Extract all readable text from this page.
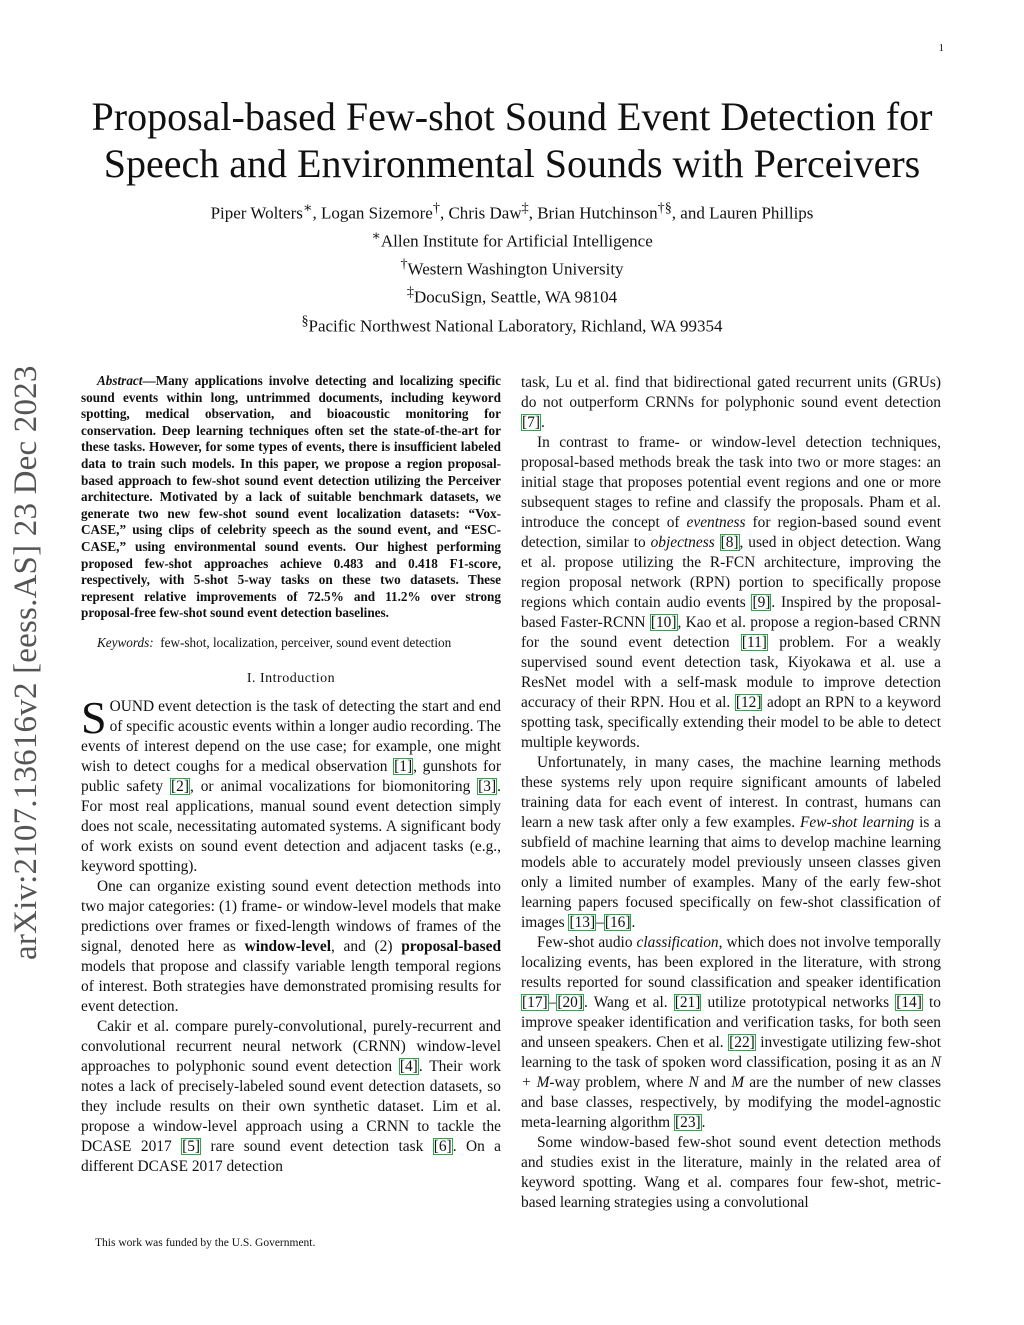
1
arXiv:2107.13616v2 [eess.AS] 23 Dec 2023
Proposal-based Few-shot Sound Event Detection for
Speech and Environmental Sounds with Perceivers
Piper Wolters∗, Logan Sizemore†, Chris Daw‡, Brian Hutchinson†§, and Lauren Phillips
∗Allen Institute for Artificial Intelligence
†Western Washington University
‡DocuSign, Seattle, WA 98104
§Pacific Northwest National Laboratory, Richland, WA 99354

Abstract—Many applications involve detecting and localizing specific sound events within long, untrimmed documents, including keyword spotting, medical observation, and bioacoustic monitoring for conservation. Deep learning techniques often set the state-of-the-art for these tasks. However, for some types of events, there is insufficient labeled data to train such models. In this paper, we propose a region proposal-based approach to few-shot sound event detection utilizing the Perceiver architecture. Motivated by a lack of suitable benchmark datasets, we generate two new few-shot sound event localization datasets: “Vox-CASE,” using clips of celebrity speech as the sound event, and “ESC-CASE,” using environmental sound events. Our highest performing proposed few-shot approaches achieve 0.483 and 0.418 F1-score, respectively, with 5-shot 5-way tasks on these two datasets. These represent relative improvements of 72.5% and 11.2% over strong proposal-free few-shot sound event detection baselines.

Keywords: few-shot, localization, perceiver, sound event detection
I. Introduction

SOUND event detection is the task of detecting the start and end of specific acoustic events within a longer audio recording. The events of interest depend on the use case; for example, one might wish to detect coughs for a medical observation [1], gunshots for public safety [2], or animal vocalizations for biomonitoring [3]. For most real applications, manual sound event detection simply does not scale, necessitating automated systems. A significant body of work exists on sound event detection and adjacent tasks (e.g., keyword spotting).

One can organize existing sound event detection methods into two major categories: (1) frame- or window-level models that make predictions over frames or fixed-length windows of frames of the signal, denoted here as window-level, and (2) proposal-based models that propose and classify variable length temporal regions of interest. Both strategies have demonstrated promising results for event detection.

Cakir et al. compare purely-convolutional, purely-recurrent and convolutional recurrent neural network (CRNN) window-level approaches to polyphonic sound event detection [4]. Their work notes a lack of precisely-labeled sound event detection datasets, so they include results on their own synthetic dataset. Lim et al. propose a window-level approach using a CRNN to tackle the DCASE 2017 [5] rare sound event detection task [6]. On a different DCASE 2017 detection

This work was funded by the U.S. Government.

task, Lu et al. find that bidirectional gated recurrent units (GRUs) do not outperform CRNNs for polyphonic sound event detection [7].

In contrast to frame- or window-level detection techniques, proposal-based methods break the task into two or more stages: an initial stage that proposes potential event regions and one or more subsequent stages to refine and classify the proposals. Pham et al. introduce the concept of eventness for region-based sound event detection, similar to objectness [8], used in object detection. Wang et al. propose utilizing the R-FCN architecture, improving the region proposal network (RPN) portion to specifically propose regions which contain audio events [9]. Inspired by the proposal-based Faster-RCNN [10], Kao et al. propose a region-based CRNN for the sound event detection [11] problem. For a weakly supervised sound event detection task, Kiyokawa et al. use a ResNet model with a self-mask module to improve detection accuracy of their RPN. Hou et al. [12] adopt an RPN to a keyword spotting task, specifically extending their model to be able to detect multiple keywords.

Unfortunately, in many cases, the machine learning methods these systems rely upon require significant amounts of labeled training data for each event of interest. In contrast, humans can learn a new task after only a few examples. Few-shot learning is a subfield of machine learning that aims to develop machine learning models able to accurately model previously unseen classes given only a limited number of examples. Many of the early few-shot learning papers focused specifically on few-shot classification of images [13]–[16].

Few-shot audio classification, which does not involve temporally localizing events, has been explored in the literature, with strong results reported for sound classification and speaker identification [17]–[20]. Wang et al. [21] utilize prototypical networks [14] to improve speaker identification and verification tasks, for both seen and unseen speakers. Chen et al. [22] investigate utilizing few-shot learning to the task of spoken word classification, posing it as an N + M-way problem, where N and M are the number of new classes and base classes, respectively, by modifying the model-agnostic meta-learning algorithm [23].

Some window-based few-shot sound event detection methods and studies exist in the literature, mainly in the related area of keyword spotting. Wang et al. compares four few-shot, metric-based learning strategies using a convolutional
